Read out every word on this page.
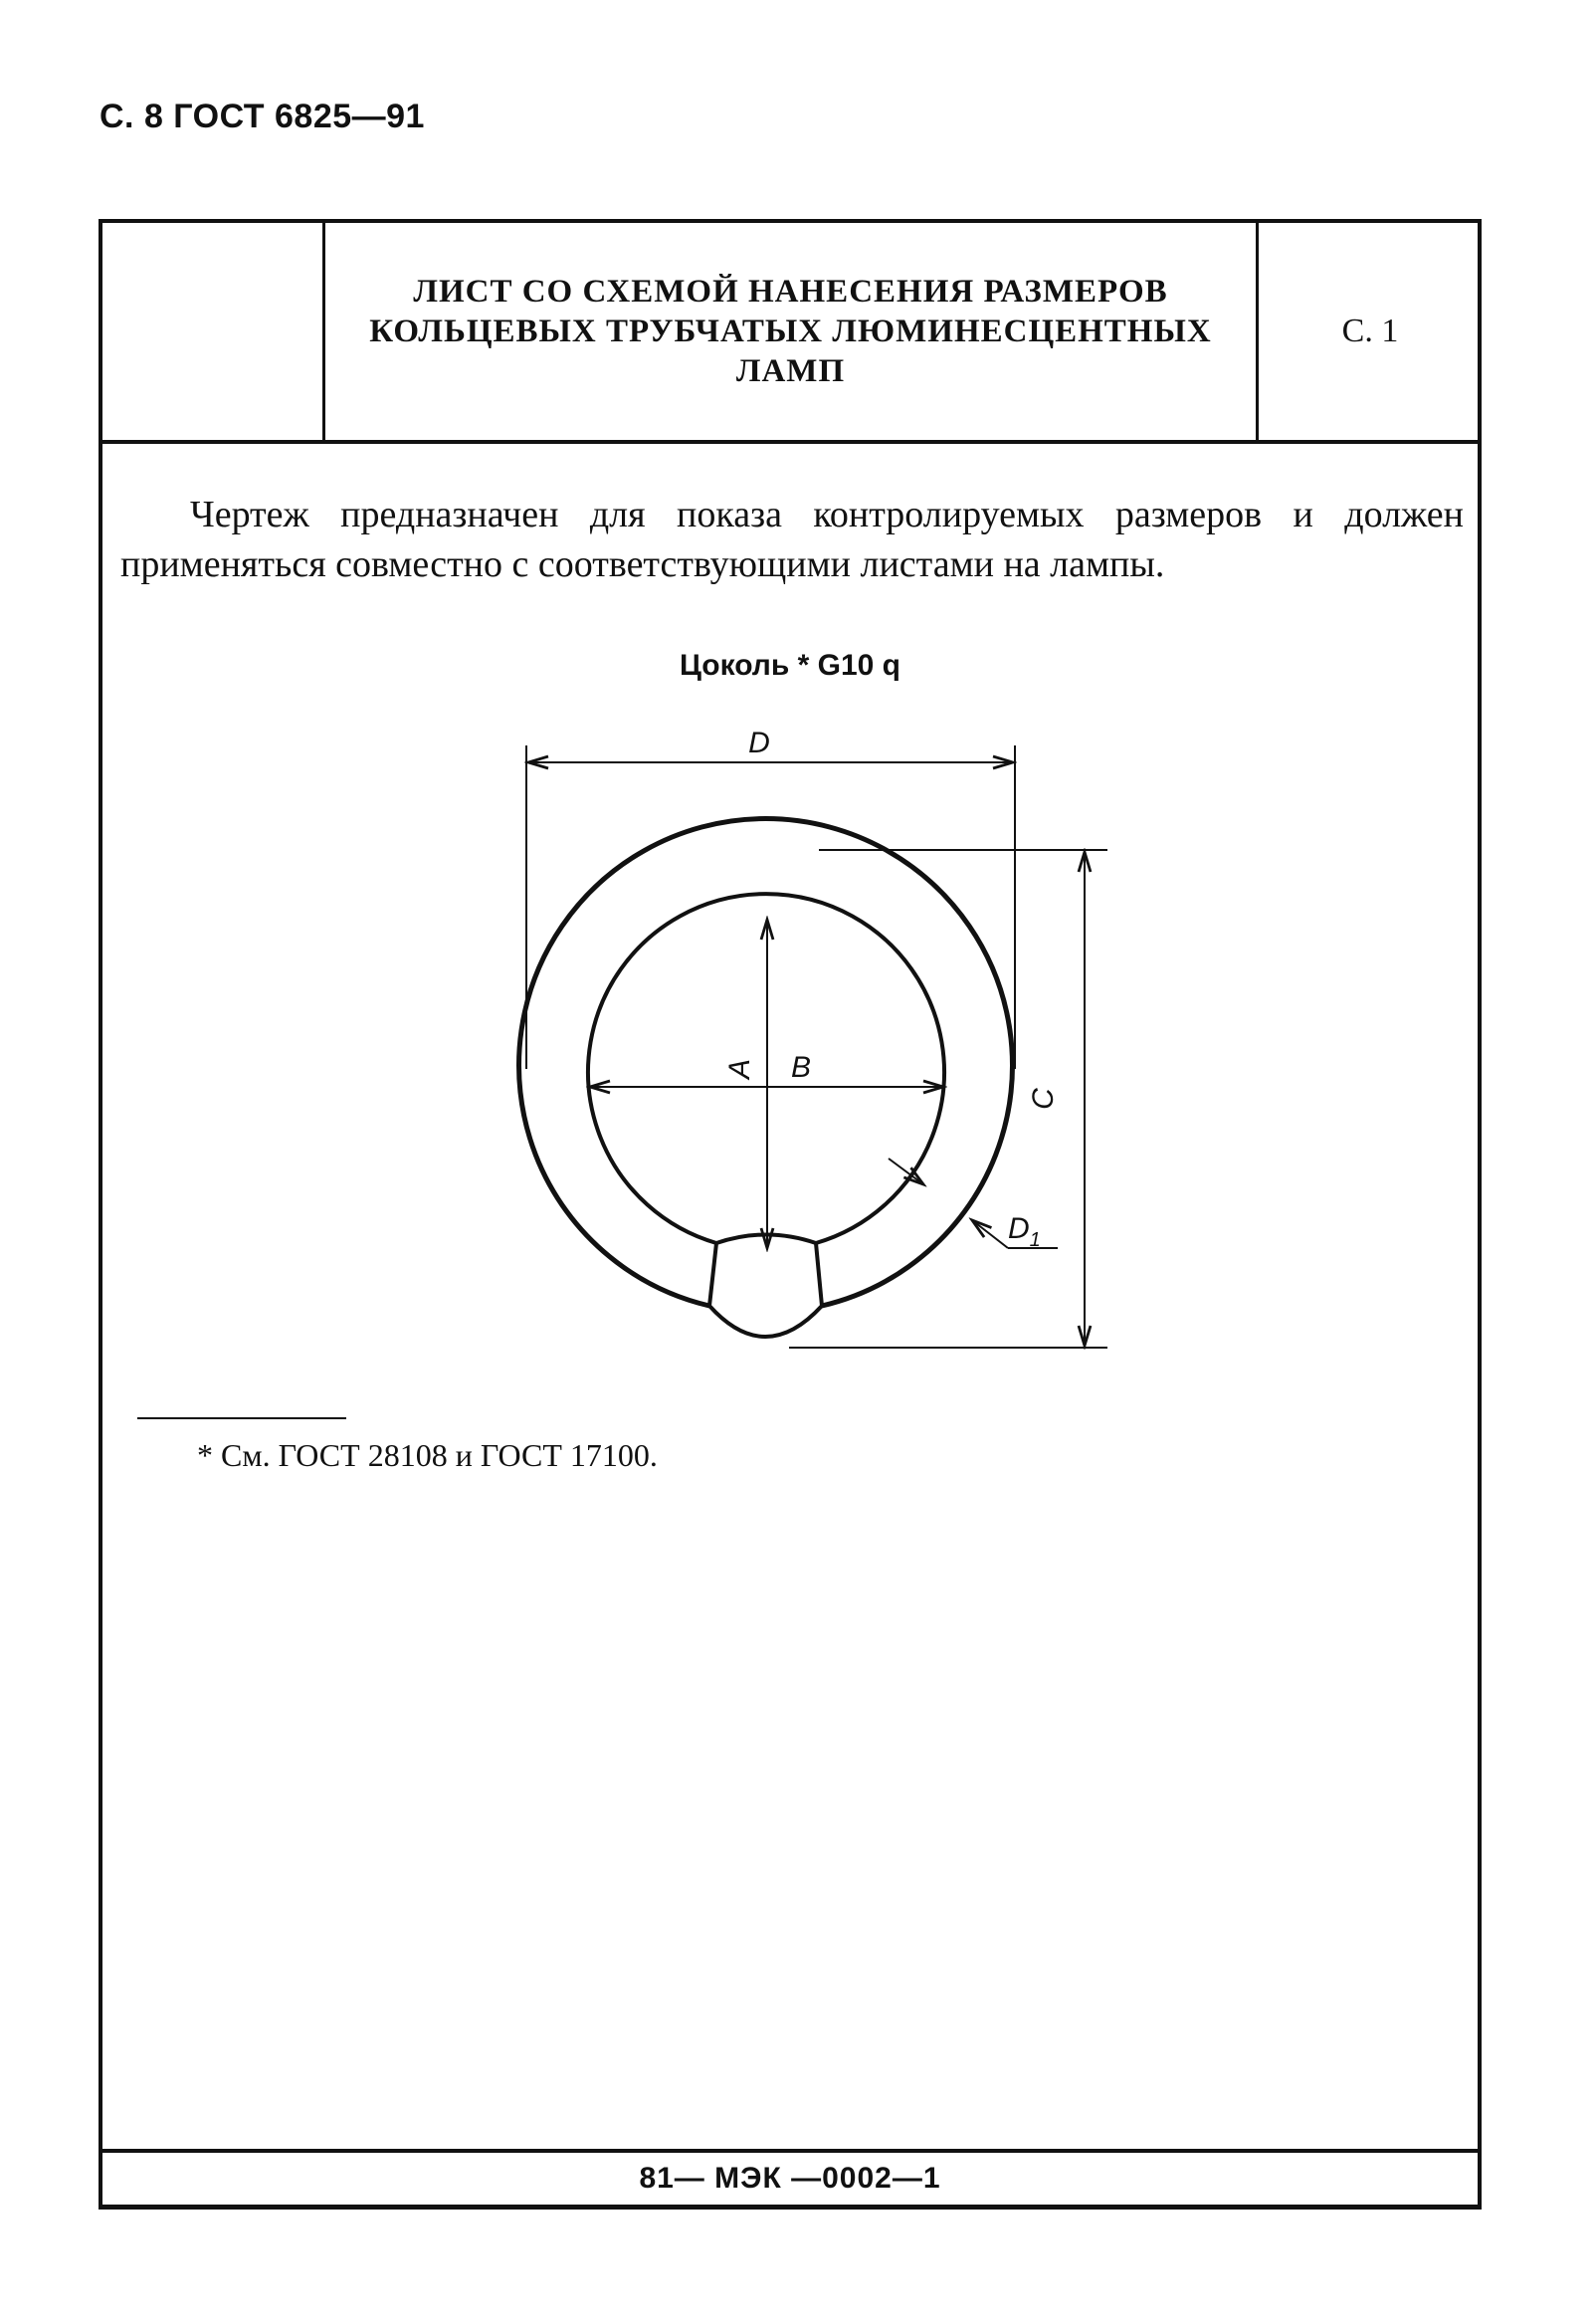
С. 8 ГОСТ 6825—91
ЛИСТ СО СХЕМОЙ НАНЕСЕНИЯ РАЗМЕРОВ
КОЛЬЦЕВЫХ ТРУБЧАТЫХ ЛЮМИНЕСЦЕНТНЫХ
ЛАМП
С. 1
Чертеж предназначен для показа контролируемых размеров и должен применяться совместно с соответствующими листами на лампы.
Цоколь * G10 q
D
C
A B
$D_1$
* См. ГОСТ 28108 и ГОСТ 17100.
81— МЭК —0002—1
